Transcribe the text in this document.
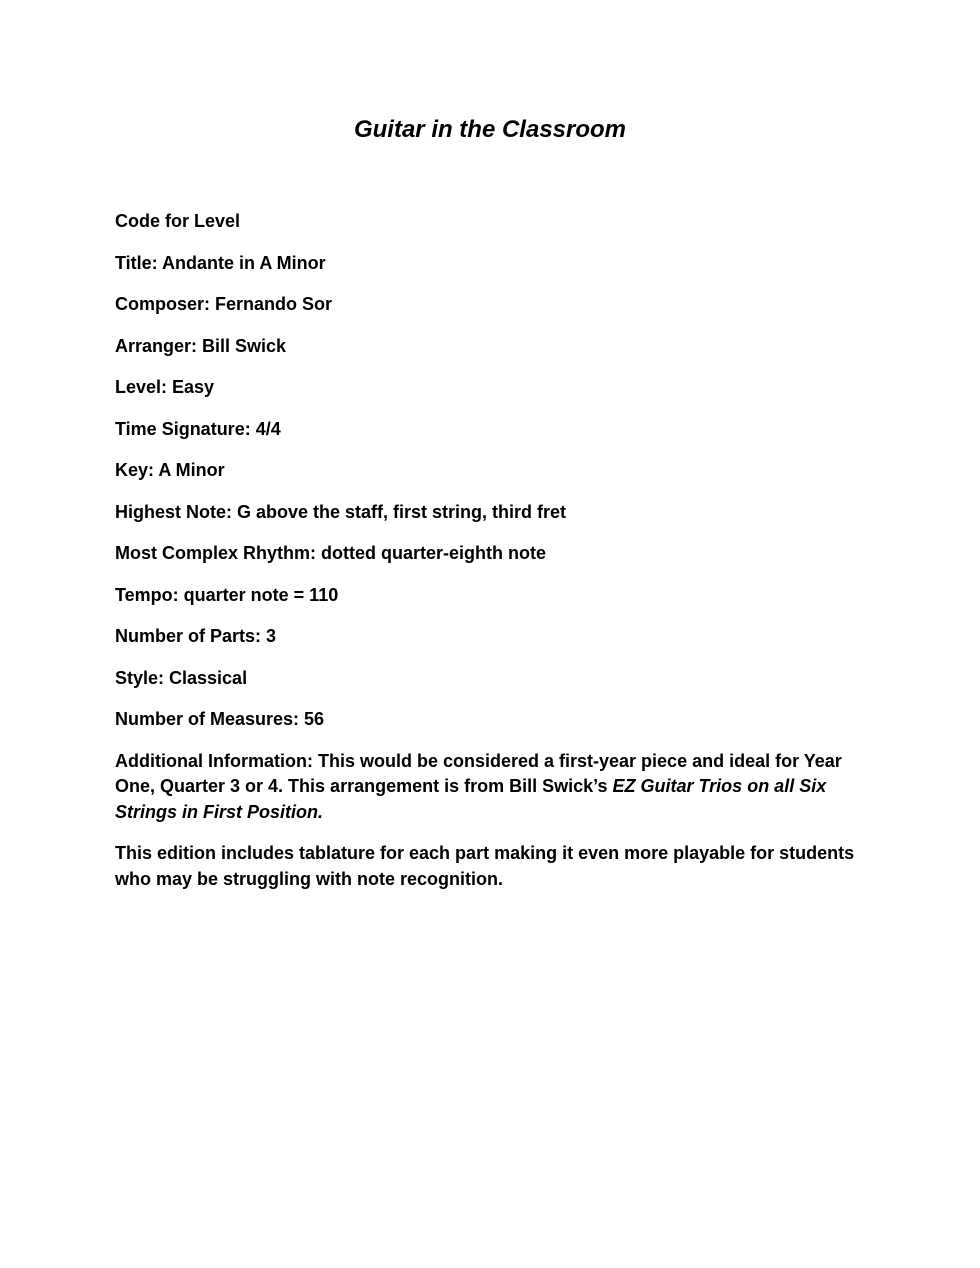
Guitar in the Classroom

Code for Level

Title: Andante in A Minor

Composer: Fernando Sor

Arranger: Bill Swick

Level: Easy

Time Signature: 4/4

Key: A Minor

Highest Note: G above the staff, first string, third fret

Most Complex Rhythm: dotted quarter-eighth note

Tempo: quarter note = 110

Number of Parts: 3

Style: Classical

Number of Measures: 56

Additional Information: This would be considered a first-year piece and ideal for Year One, Quarter 3 or 4. This arrangement is from Bill Swick’s EZ Guitar Trios on all Six Strings in First Position.

This edition includes tablature for each part making it even more playable for students who may be struggling with note recognition.
